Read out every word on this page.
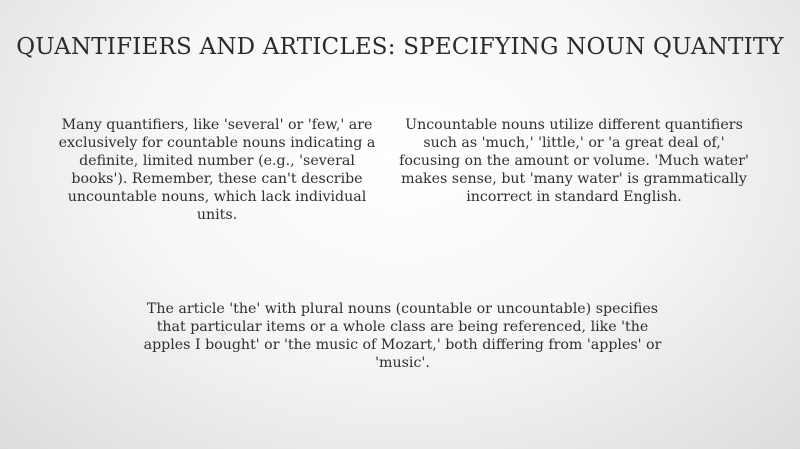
QUANTIFIERS AND ARTICLES: SPECIFYING NOUN QUANTITY
Many quantifiers, like 'several' or 'few,' are exclusively for countable nouns indicating a definite, limited number (e.g., 'several books'). Remember, these can't describe uncountable nouns, which lack individual units.
Uncountable nouns utilize different quantifiers such as 'much,' 'little,' or 'a great deal of,' focusing on the amount or volume. 'Much water' makes sense, but 'many water' is grammatically incorrect in standard English.
The article 'the' with plural nouns (countable or uncountable) specifies that particular items or a whole class are being referenced, like 'the apples I bought' or 'the music of Mozart,' both differing from 'apples' or 'music'.
